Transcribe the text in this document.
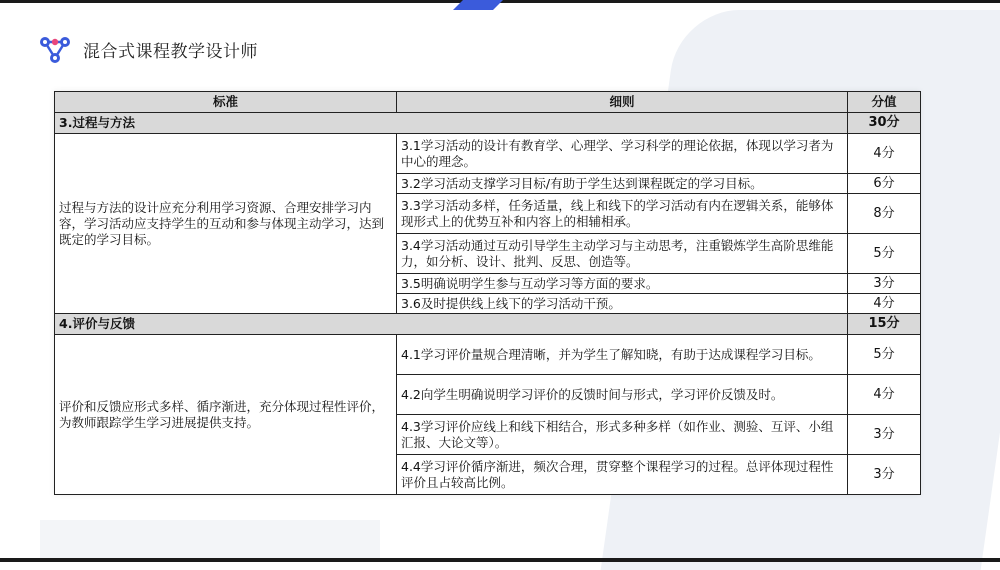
混合式课程教学设计师
标准	细则	分值
3.过程与方法		30分
过程与方法的设计应充分利用学习资源、合理安排学习内容，学习活动应支持学生的互动和参与体现主动学习，达到既定的学习目标。	3.1学习活动的设计有教育学、心理学、学习科学的理论依据，体现以学习者为中心的理念。	4分
	3.2学习活动支撑学习目标/有助于学生达到课程既定的学习目标。	6分
	3.3学习活动多样，任务适量，线上和线下的学习活动有内在逻辑关系，能够体现形式上的优势互补和内容上的相辅相承。	8分
	3.4学习活动通过互动引导学生主动学习与主动思考，注重锻炼学生高阶思维能力，如分析、设计、批判、反思、创造等。	5分
	3.5明确说明学生参与互动学习等方面的要求。	3分
	3.6及时提供线上线下的学习活动干预。	4分
4.评价与反馈		15分
评价和反馈应形式多样、循序渐进，充分体现过程性评价，为教师跟踪学生学习进展提供支持。	4.1学习评价量规合理清晰，并为学生了解知晓，有助于达成课程学习目标。	5分
	4.2向学生明确说明学习评价的反馈时间与形式，学习评价反馈及时。	4分
	4.3学习评价应线上和线下相结合，形式多种多样（如作业、测验、互评、小组汇报、大论文等）。	3分
	4.4学习评价循序渐进，频次合理，贯穿整个课程学习的过程。总评体现过程性评价且占较高比例。	3分
